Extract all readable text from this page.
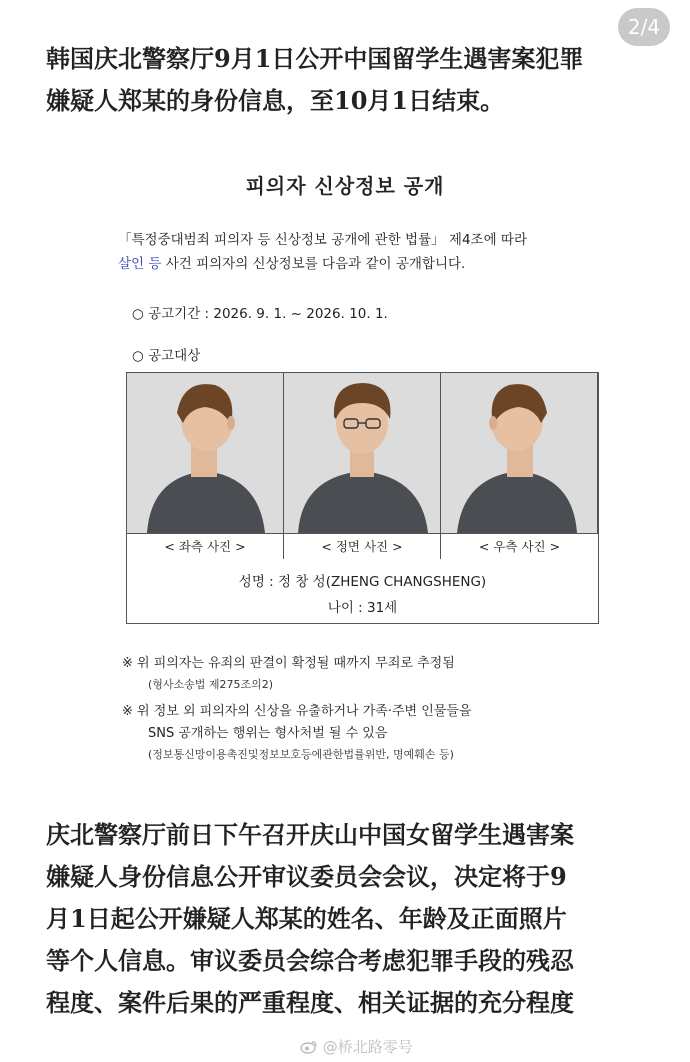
2/4
韩国庆北警察厅9月1日公开中国留学生遇害案犯罪
嫌疑人郑某的身份信息，至10月1日结束。
피의자 신상정보 공개
「특정중대범죄 피의자 등 신상정보 공개에 관한 법률」 제4조에 따라
살인 등 사건 피의자의 신상정보를 다음과 같이 공개합니다.
○ 공고기간 : 2026. 9. 1. ~ 2026. 10. 1.
○ 공고대상
< 좌측 사진 >	< 정면 사진 >	< 우측 사진 >
성명 : 정 창 성(ZHENG CHANGSHENG)
나이 : 31세
※ 위 피의자는 유죄의 판결이 확정될 때까지 무죄로 추정됨
(형사소송법 제275조의2)
※ 위 정보 외 피의자의 신상을 유출하거나 가족·주변 인물들을
SNS 공개하는 행위는 형사처벌 될 수 있음
(정보통신망이용촉진및정보보호등에관한법률위반, 명예훼손 등)
庆北警察厅前日下午召开庆山中国女留学生遇害案
嫌疑人身份信息公开审议委员会会议，决定将于9
月1日起公开嫌疑人郑某的姓名、年龄及正面照片
等个人信息。审议委员会综合考虑犯罪手段的残忍
程度、案件后果的严重程度、相关证据的充分程度
@桥北路零号
